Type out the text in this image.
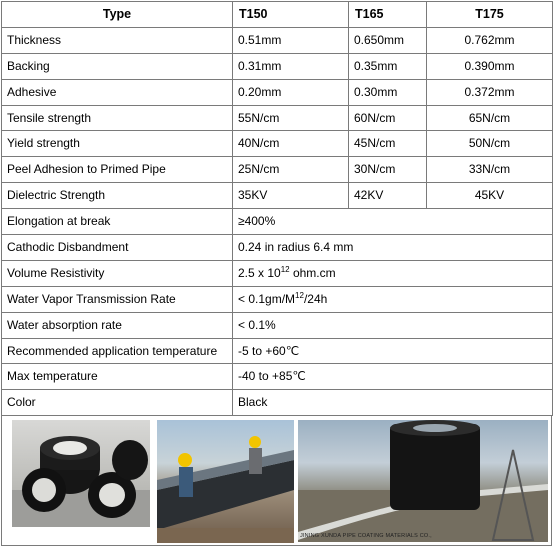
Type	T150	T165	T175
Thickness	0.51mm	0.650mm	0.762mm
Backing	0.31mm	0.35mm	0.390mm
Adhesive	0.20mm	0.30mm	0.372mm
Tensile strength	55N/cm	60N/cm	65N/cm
Yield strength	40N/cm	45N/cm	50N/cm
Peel Adhesion to Primed Pipe	25N/cm	30N/cm	33N/cm
Dielectric Strength	35KV	42KV	45KV
Elongation at break	≥400%		
Cathodic Disbandment	0.24 in radius 6.4 mm		
Volume Resistivity	2.5 x $10^{12}$ ohm.cm		
Water Vapor Transmission Rate	< $0.1gm/M^{12}/24h$		
Water absorption rate	< 0.1%		
Recommended application temperature	-5 to +60℃		
Max temperature	-40 to +85℃		
Color	Black		
JINING XUNDA PIPE COATING MATERIALS CO.,
